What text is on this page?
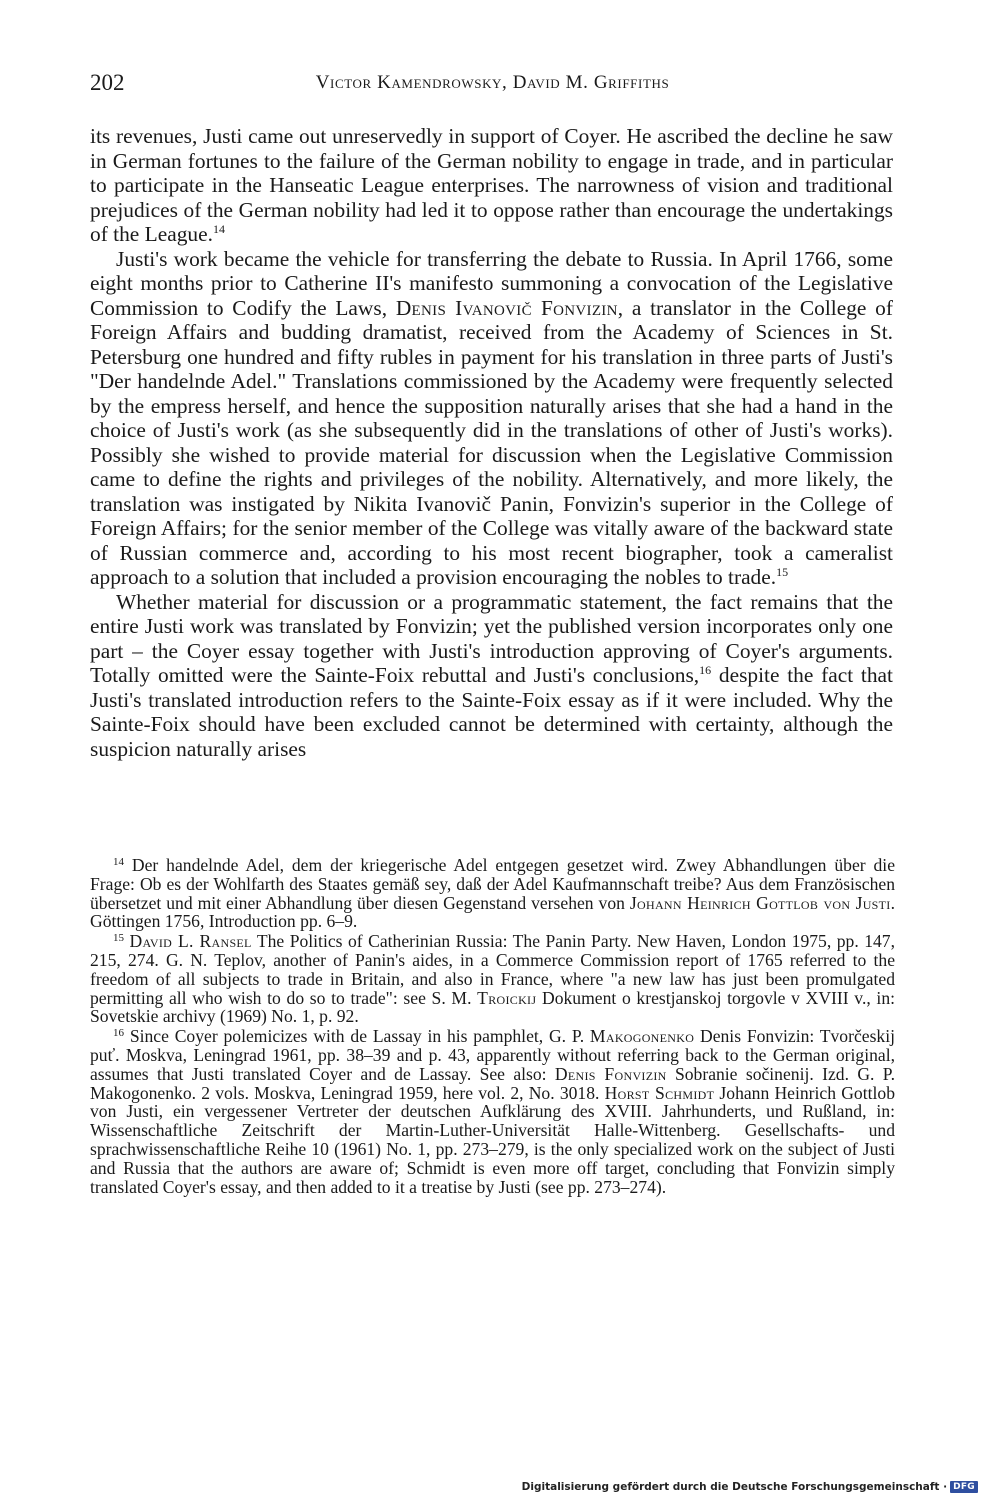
202	Victor Kamendrowsky, David M. Griffiths

its revenues, Justi came out unreservedly in support of Coyer. He ascribed the decline he saw in German fortunes to the failure of the German nobility to engage in trade, and in particular to participate in the Hanseatic League enterprises. The narrowness of vision and traditional prejudices of the German nobility had led it to oppose rather than encourage the undertakings of the League.$^{14}$

Justi's work became the vehicle for transferring the debate to Russia. In April 1766, some eight months prior to Catherine II's manifesto summoning a convocation of the Legislative Commission to Codify the Laws, Denis Ivanovič Fonvizin, a translator in the College of Foreign Affairs and budding dramatist, received from the Academy of Sciences in St. Petersburg one hundred and fifty rubles in payment for his translation in three parts of Justi's "Der handelnde Adel." Translations commissioned by the Academy were frequently selected by the empress herself, and hence the supposition naturally arises that she had a hand in the choice of Justi's work (as she subsequently did in the translations of other of Justi's works). Possibly she wished to provide material for discussion when the Legislative Commission came to define the rights and privileges of the nobility. Alternatively, and more likely, the translation was instigated by Nikita Ivanovič Panin, Fonvizin's superior in the College of Foreign Affairs; for the senior member of the College was vitally aware of the backward state of Russian commerce and, according to his most recent biographer, took a cameralist approach to a solution that included a provision encouraging the nobles to trade.$^{15}$

Whether material for discussion or a programmatic statement, the fact remains that the entire Justi work was translated by Fonvizin; yet the published version incorporates only one part – the Coyer essay together with Justi's introduction approving of Coyer's arguments. Totally omitted were the Sainte-Foix rebuttal and Justi's conclusions,$^{16}$ despite the fact that Justi's translated introduction refers to the Sainte-Foix essay as if it were included. Why the Sainte-Foix should have been excluded cannot be determined with certainty, although the suspicion naturally arises

$^{14}$ Der handelnde Adel, dem der kriegerische Adel entgegen gesetzet wird. Zwey Abhandlungen über die Frage: Ob es der Wohlfarth des Staates gemäß sey, daß der Adel Kaufmannschaft treibe? Aus dem Französischen übersetzet und mit einer Abhandlung über diesen Gegenstand versehen von Johann Heinrich Gottlob von Justi. Göttingen 1756, Introduction pp. 6–9.

$^{15}$ David L. Ransel The Politics of Catherinian Russia: The Panin Party. New Haven, London 1975, pp. 147, 215, 274. G. N. Teplov, another of Panin's aides, in a Commerce Commission report of 1765 referred to the freedom of all subjects to trade in Britain, and also in France, where "a new law has just been promulgated permitting all who wish to do so to trade": see S. M. Troickij Dokument o krestjanskoj torgovle v XVIII v., in: Sovetskie archivy (1969) No. 1, p. 92.

$^{16}$ Since Coyer polemicizes with de Lassay in his pamphlet, G. P. Makogonenko Denis Fonvizin: Tvorčeskij puť. Moskva, Leningrad 1961, pp. 38–39 and p. 43, apparently without referring back to the German original, assumes that Justi translated Coyer and de Lassay. See also: Denis Fonvizin Sobranie sočinenij. Izd. G. P. Makogonenko. 2 vols. Moskva, Leningrad 1959, here vol. 2, No. 3018. Horst Schmidt Johann Heinrich Gottlob von Justi, ein vergessener Vertreter der deutschen Aufklärung des XVIII. Jahrhunderts, und Rußland, in: Wissenschaftliche Zeitschrift der Martin-Luther-Universität Halle-Wittenberg. Gesellschafts- und sprachwissenschaftliche Reihe 10 (1961) No. 1, pp. 273–279, is the only specialized work on the subject of Justi and Russia that the authors are aware of; Schmidt is even more off target, concluding that Fonvizin simply translated Coyer's essay, and then added to it a treatise by Justi (see pp. 273–274).

Digitalisierung gefördert durch die Deutsche Forschungsgemeinschaft · DFG
